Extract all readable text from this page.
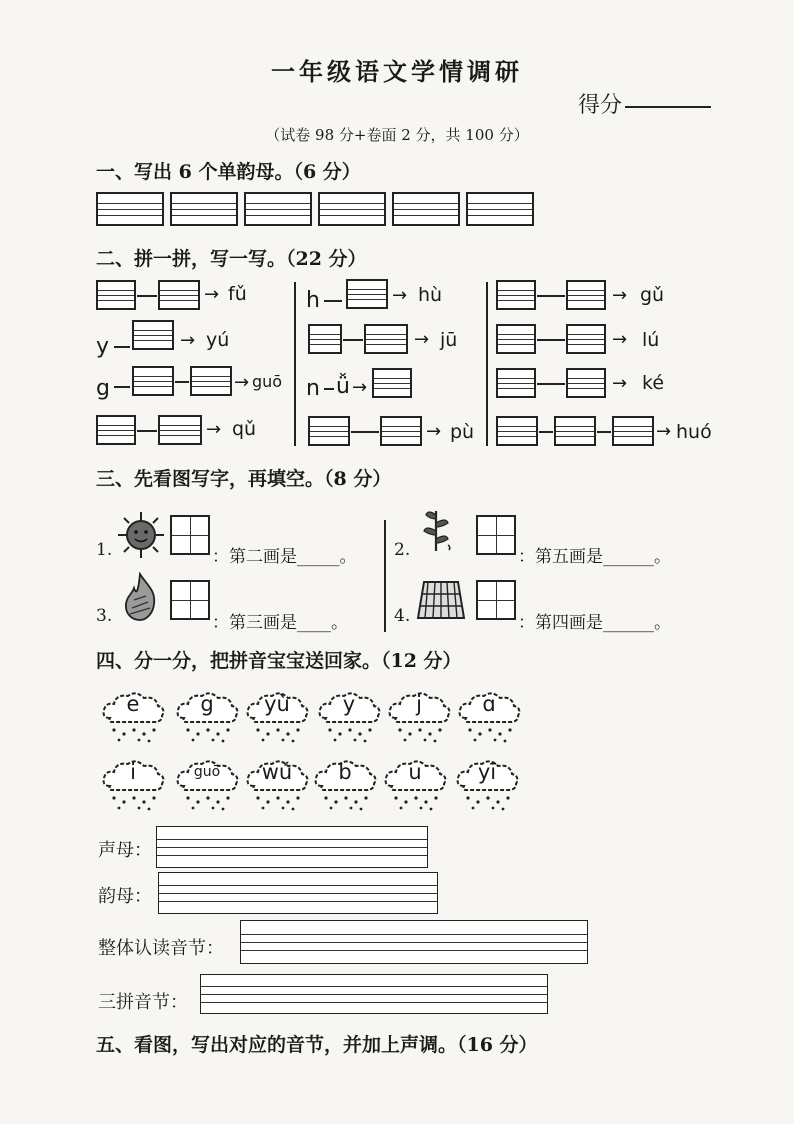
一年级语文学情调研
得分
（试卷 98 分+卷面 2 分，共 100 分）
一、写出 6 个单韵母。（6 分）
二、拼一拼，写一写。（22 分）
→ fǔ
y	→ yú
g	→ guō
→ qǔ
h	→ hù
→ jū
n ǚ →
→ pù
→ gǔ
→ lú
→ ké
→ huó
三、先看图写字，再填空。（8 分）
1.	：第二画是_____。
3.	：第三画是____。
2.	：第五画是______。
4.	：第四画是______。
四、分一分，把拼音宝宝送回家。（12 分）
e	g	yù	y	j	ɑ
i	guō	wú	b	u	yī
声母：
韵母：
整体认读音节：
三拼音节：
五、看图，写出对应的音节，并加上声调。（16 分）
